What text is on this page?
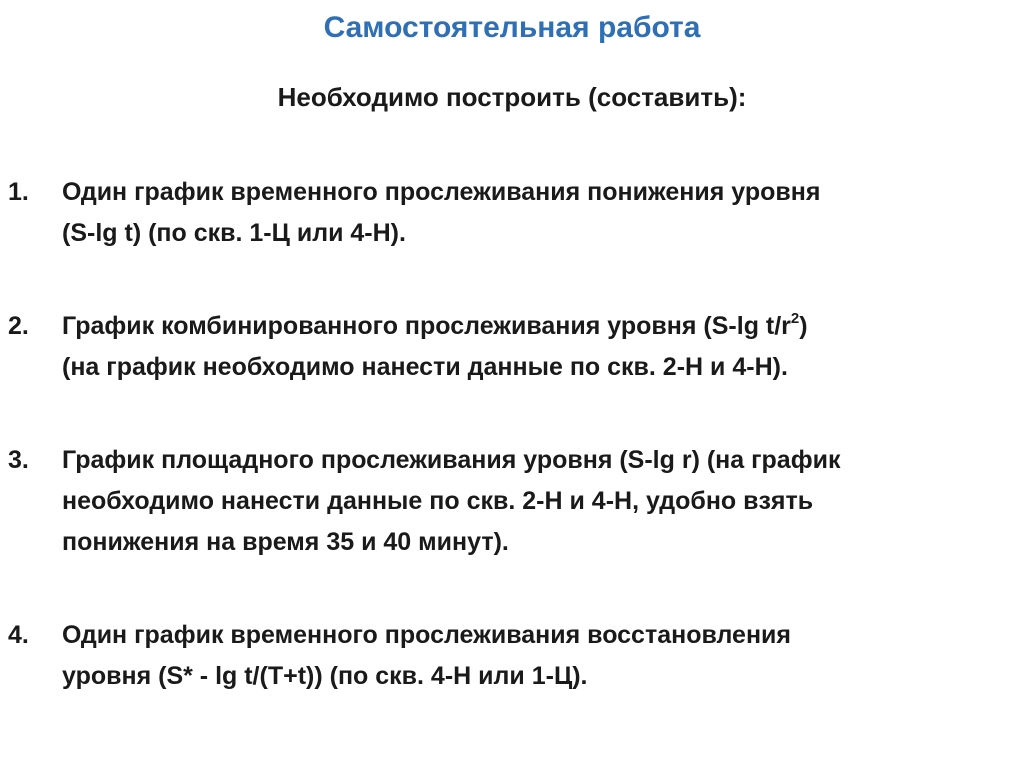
Самостоятельная работа
Необходимо построить (составить):
1. Один график временного прослеживания понижения уровня
(S-lg t) (по скв. 1-Ц или 4-Н).
2. График комбинированного прослеживания уровня (S-lg $t/r^2$)
(на график необходимо нанести данные по скв. 2-Н и 4-Н).
3. График площадного прослеживания уровня (S-lg r) (на график
необходимо нанести данные по скв. 2-Н и 4-Н, удобно взять
понижения на время 35 и 40 минут).
4. Один график временного прослеживания восстановления
уровня (S* - lg t/(T+t)) (по скв. 4-Н или 1-Ц).
